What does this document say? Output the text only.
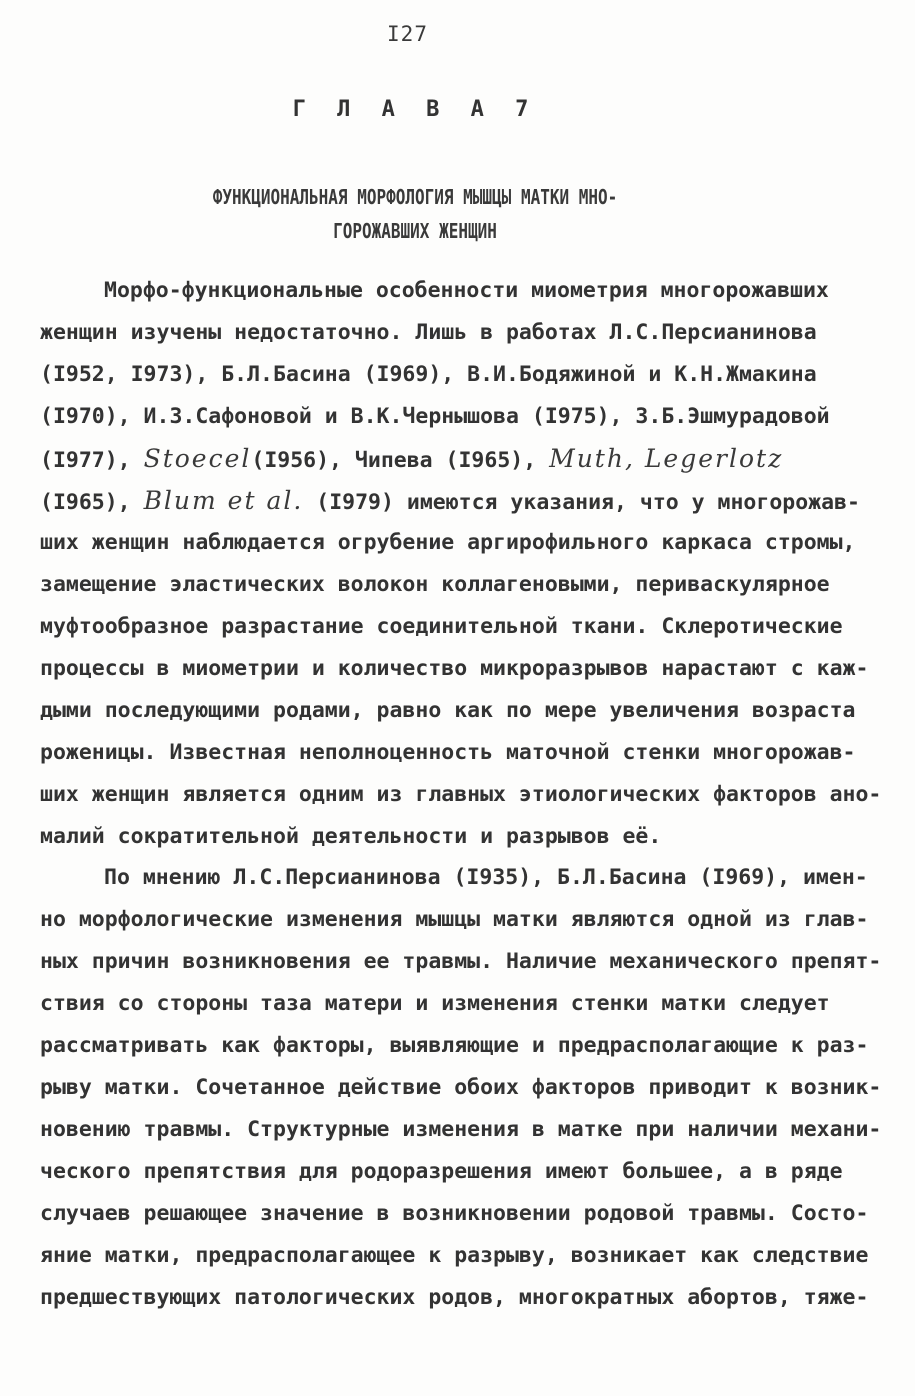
I27
Г Л А В А 7
ФУНКЦИОНАЛЬНАЯ МОРФОЛОГИЯ МЫШЦЫ МАТКИ МНО-
ГОРОЖАВШИХ ЖЕНЩИН
Морфо-функциональные особенности миометрия многорожавших
женщин изучены недостаточно. Лишь в работах Л.С.Персианинова
(I952, I973), Б.Л.Басина (I969), В.И.Бодяжиной и К.Н.Жмакина
(I970), И.З.Сафоновой и В.К.Чернышова (I975), З.Б.Эшмурадовой
(I977), Stoecel(I956), Чипева (I965), Muth, Legerlotz
(I965), Blum et al. (I979) имеются указания, что у многорожав-
ших женщин наблюдается огрубение аргирофильного каркаса стромы,
замещение эластических волокон коллагеновыми, периваскулярное
муфтообразное разрастание соединительной ткани. Склеротические
процессы в миометрии и количество микроразрывов нарастают с каж-
дыми последующими родами, равно как по мере увеличения возраста
роженицы. Известная неполноценность маточной стенки многорожав-
ших женщин является одним из главных этиологических факторов ано-
малий сократительной деятельности и разрывов её.
По мнению Л.С.Персианинова (I935), Б.Л.Басина (I969), имен-
но морфологические изменения мышцы матки являются одной из глав-
ных причин возникновения ее травмы. Наличие механического препят-
ствия со стороны таза матери и изменения стенки матки следует
рассматривать как факторы, выявляющие и предрасполагающие к раз-
рыву матки. Сочетанное действие обоих факторов приводит к возник-
новению травмы. Структурные изменения в матке при наличии механи-
ческого препятствия для родоразрешения имеют большее, а в ряде
случаев решающее значение в возникновении родовой травмы. Состо-
яние матки, предрасполагающее к разрыву, возникает как следствие
предшествующих патологических родов, многократных абортов, тяже-
